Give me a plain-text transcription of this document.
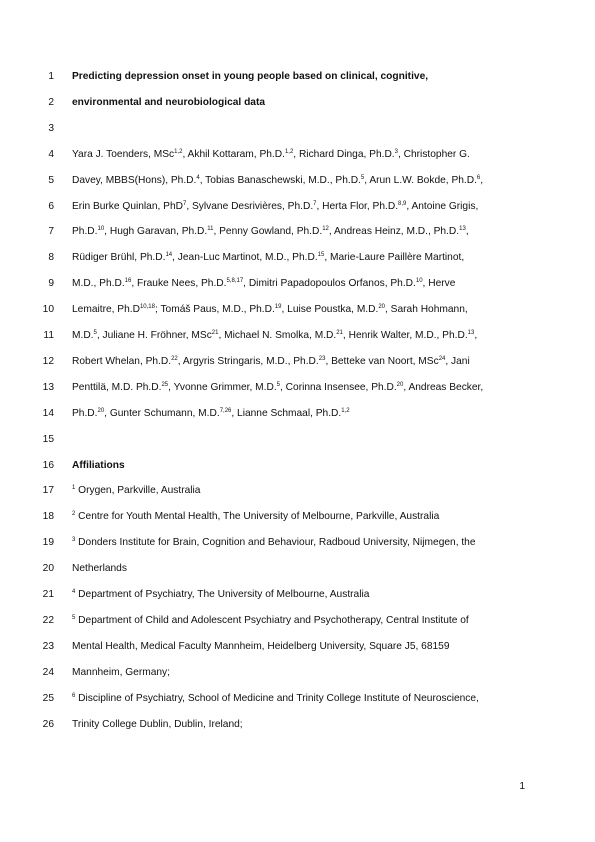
1 Predicting depression onset in young people based on clinical, cognitive,
2 environmental and neurobiological data
3
4 Yara J. Toenders, MSc$^{1,2}$, Akhil Kottaram, Ph.D.$^{1,2}$, Richard Dinga, Ph.D.$^3$, Christopher G.
5 Davey, MBBS(Hons), Ph.D.$^4$, Tobias Banaschewski, M.D., Ph.D.$^5$, Arun L.W. Bokde, Ph.D.$^6$,
6 Erin Burke Quinlan, PhD$^7$, Sylvane Desrivières, Ph.D.$^7$, Herta Flor, Ph.D.$^{8,9}$, Antoine Grigis,
7 Ph.D.$^{10}$, Hugh Garavan, Ph.D.$^{11}$, Penny Gowland, Ph.D.$^{12}$, Andreas Heinz, M.D., Ph.D.$^{13}$,
8 Rüdiger Brühl, Ph.D.$^{14}$, Jean-Luc Martinot, M.D., Ph.D.$^{15}$, Marie-Laure Paillère Martinot,
9 M.D., Ph.D.$^{16}$, Frauke Nees, Ph.D.$^{5,8,17}$, Dimitri Papadopoulos Orfanos, Ph.D.$^{10}$, Herve
10 Lemaitre, $Ph.D^{10,18}$; Tomáš Paus, M.D., Ph.D.$^{19}$, Luise Poustka, M.D.$^{20}$, Sarah Hohmann,
11 M.D.$^5$, Juliane H. Fröhner, MSc$^{21}$, Michael N. Smolka, M.D.$^{21}$, Henrik Walter, M.D., Ph.D.$^{13}$,
12 Robert Whelan, Ph.D.$^{22}$, Argyris Stringaris, M.D., Ph.D.$^{23}$, Betteke van Noort, MSc$^{24}$, Jani
13 Penttilä, M.D. Ph.D.$^{25}$, Yvonne Grimmer, M.D.$^5$, Corinna Insensee, Ph.D.$^{20}$, Andreas Becker,
14 Ph.D.$^{20}$, Gunter Schumann, M.D.$^{7,26}$, Lianne Schmaal, Ph.D.$^{1,2}$
15
16 Affiliations
17	$^1$ Orygen, Parkville, Australia
18	$^2$ Centre for Youth Mental Health, The University of Melbourne, Parkville, Australia
19	$^3$ Donders Institute for Brain, Cognition and Behaviour, Radboud University, Nijmegen, the
20 Netherlands
21	$^4$ Department of Psychiatry, The University of Melbourne, Australia
22	$^5$ Department of Child and Adolescent Psychiatry and Psychotherapy, Central Institute of
23 Mental Health, Medical Faculty Mannheim, Heidelberg University, Square J5, 68159
24 Mannheim, Germany;
25	$^6$ Discipline of Psychiatry, School of Medicine and Trinity College Institute of Neuroscience,
26 Trinity College Dublin, Dublin, Ireland;
1
